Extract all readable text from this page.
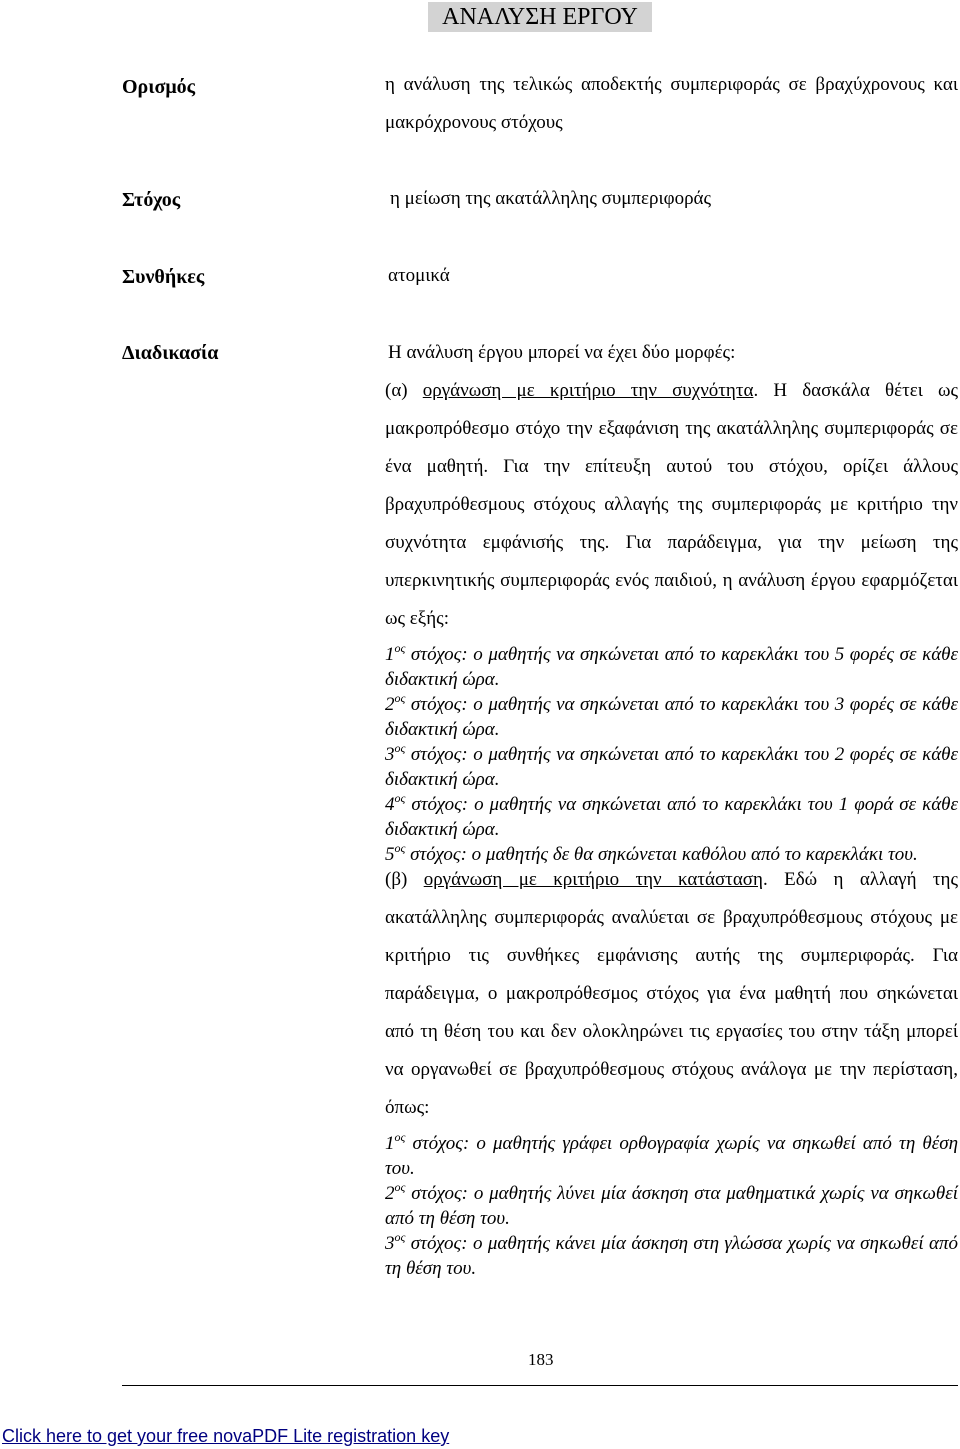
ΑΝΑΛΥΣΗ ΕΡΓΟΥ
Ορισμός	η ανάλυση της τελικώς αποδεκτής συμπεριφοράς σε βραχύχρονους και μακρόχρονους στόχους
Στόχος	η μείωση της ακατάλληλης συμπεριφοράς
Συνθήκες	ατομικά
Διαδικασία	Η ανάλυση έργου μπορεί να έχει δύο μορφές:
(α) οργάνωση με κριτήριο την συχνότητα. Η δασκάλα θέτει ως μακροπρόθεσμο στόχο την εξαφάνιση της ακατάλληλης συμπεριφοράς σε ένα μαθητή. Για την επίτευξη αυτού του στόχου, ορίζει άλλους βραχυπρόθεσμους στόχους αλλαγής της συμπεριφοράς με κριτήριο την συχνότητα εμφάνισής της. Για παράδειγμα, για την μείωση της υπερκινητικής συμπεριφοράς ενός παιδιού, η ανάλυση έργου εφαρμόζεται ως εξής:
$1^{o\varsigma}$ στόχος: ο μαθητής να σηκώνεται από το καρεκλάκι του 5 φορές σε κάθε διδακτική ώρα.
$2^{o\varsigma}$ στόχος: ο μαθητής να σηκώνεται από το καρεκλάκι του 3 φορές σε κάθε διδακτική ώρα.
$3^{o\varsigma}$ στόχος: ο μαθητής να σηκώνεται από το καρεκλάκι του 2 φορές σε κάθε διδακτική ώρα.
$4^{o\varsigma}$ στόχος: ο μαθητής να σηκώνεται από το καρεκλάκι του 1 φορά σε κάθε διδακτική ώρα.
$5^{o\varsigma}$ στόχος: ο μαθητής δε θα σηκώνεται καθόλου από το καρεκλάκι του.
(β) οργάνωση με κριτήριο την κατάσταση. Εδώ η αλλαγή της ακατάλληλης συμπεριφοράς αναλύεται σε βραχυπρόθεσμους στόχους με κριτήριο τις συνθήκες εμφάνισης αυτής της συμπεριφοράς. Για παράδειγμα, ο μακροπρόθεσμος στόχος για ένα μαθητή που σηκώνεται από τη θέση του και δεν ολοκληρώνει τις εργασίες του στην τάξη μπορεί να οργανωθεί σε βραχυπρόθεσμους στόχους ανάλογα με την περίσταση, όπως:
$1^{o\varsigma}$ στόχος: ο μαθητής γράφει ορθογραφία χωρίς να σηκωθεί από τη θέση του.
$2^{o\varsigma}$ στόχος: ο μαθητής λύνει μία άσκηση στα μαθηματικά χωρίς να σηκωθεί από τη θέση του.
$3^{o\varsigma}$ στόχος: ο μαθητής κάνει μία άσκηση στη γλώσσα χωρίς να σηκωθεί από τη θέση του.
183
Click here to get your free novaPDF Lite registration key
